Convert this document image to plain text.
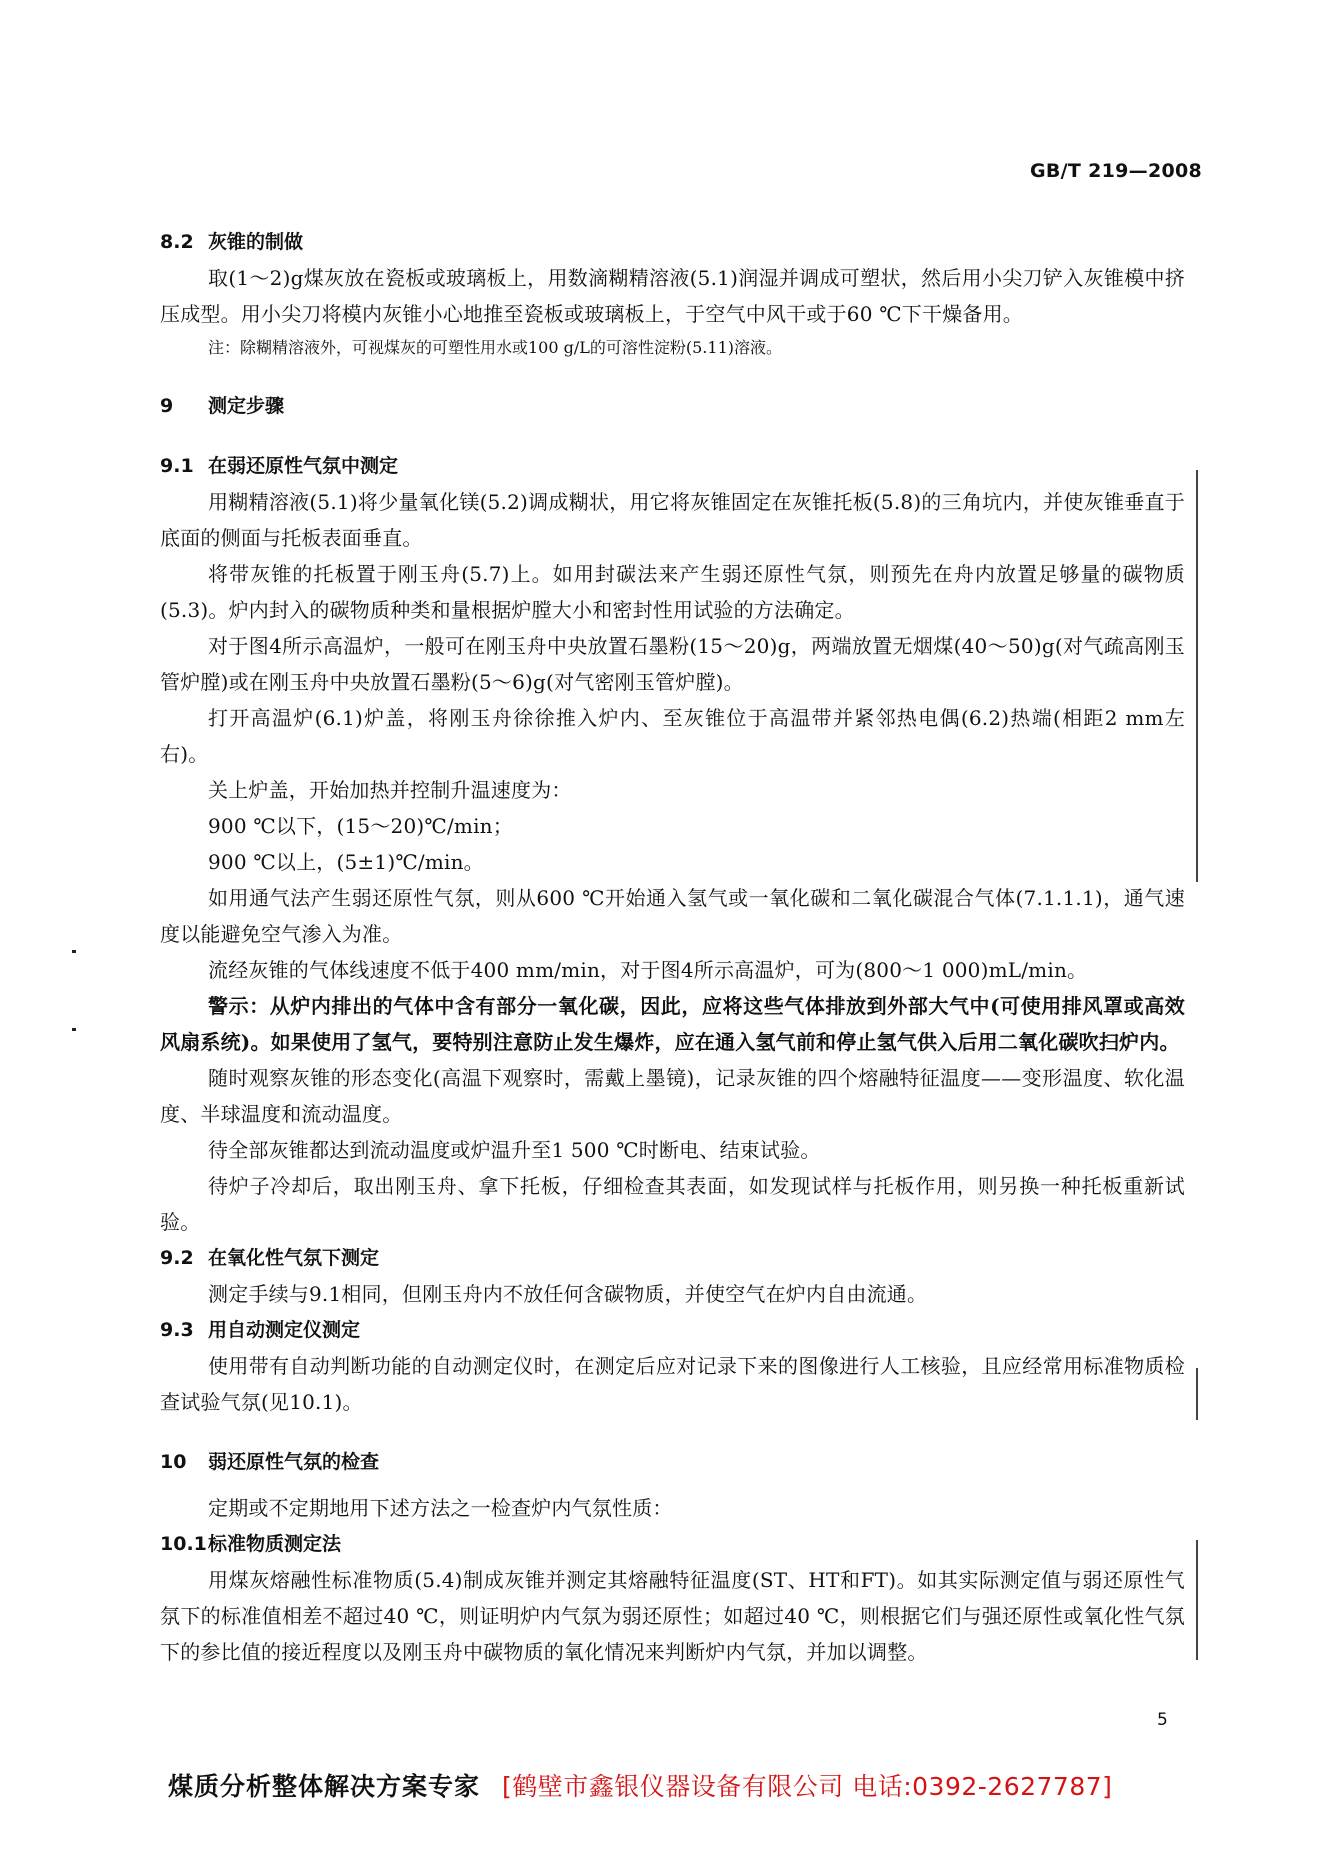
GB/T 219—2008
8.2 灰锥的制做
取(1～2)g煤灰放在瓷板或玻璃板上，用数滴糊精溶液(5.1)润湿并调成可塑状，然后用小尖刀铲入灰锥模中挤压成型。用小尖刀将模内灰锥小心地推至瓷板或玻璃板上，于空气中风干或于60 ℃下干燥备用。
注：除糊精溶液外，可视煤灰的可塑性用水或100 g/L的可溶性淀粉(5.11)溶液。
9 测定步骤
9.1 在弱还原性气氛中测定
用糊精溶液(5.1)将少量氧化镁(5.2)调成糊状，用它将灰锥固定在灰锥托板(5.8)的三角坑内，并使灰锥垂直于底面的侧面与托板表面垂直。
将带灰锥的托板置于刚玉舟(5.7)上。如用封碳法来产生弱还原性气氛，则预先在舟内放置足够量的碳物质(5.3)。炉内封入的碳物质种类和量根据炉膛大小和密封性用试验的方法确定。
对于图4所示高温炉，一般可在刚玉舟中央放置石墨粉(15～20)g，两端放置无烟煤(40～50)g(对气疏高刚玉管炉膛)或在刚玉舟中央放置石墨粉(5～6)g(对气密刚玉管炉膛)。
打开高温炉(6.1)炉盖，将刚玉舟徐徐推入炉内、至灰锥位于高温带并紧邻热电偶(6.2)热端(相距2 mm左右)。
关上炉盖，开始加热并控制升温速度为：
900 ℃以下，(15～20)℃/min；
900 ℃以上，(5±1)℃/min。
如用通气法产生弱还原性气氛，则从600 ℃开始通入氢气或一氧化碳和二氧化碳混合气体(7.1.1.1)，通气速度以能避免空气渗入为准。
流经灰锥的气体线速度不低于400 mm/min，对于图4所示高温炉，可为(800～1 000)mL/min。
警示：从炉内排出的气体中含有部分一氧化碳，因此，应将这些气体排放到外部大气中(可使用排风罩或高效风扇系统)。如果使用了氢气，要特别注意防止发生爆炸，应在通入氢气前和停止氢气供入后用二氧化碳吹扫炉内。
随时观察灰锥的形态变化(高温下观察时，需戴上墨镜)，记录灰锥的四个熔融特征温度——变形温度、软化温度、半球温度和流动温度。
待全部灰锥都达到流动温度或炉温升至1 500 ℃时断电、结束试验。
待炉子冷却后，取出刚玉舟、拿下托板，仔细检查其表面，如发现试样与托板作用，则另换一种托板重新试验。
9.2 在氧化性气氛下测定
测定手续与9.1相同，但刚玉舟内不放任何含碳物质，并使空气在炉内自由流通。
9.3 用自动测定仪测定
使用带有自动判断功能的自动测定仪时，在测定后应对记录下来的图像进行人工核验，且应经常用标准物质检查试验气氛(见10.1)。
10 弱还原性气氛的检查
定期或不定期地用下述方法之一检查炉内气氛性质：
10.1标准物质测定法
用煤灰熔融性标准物质(5.4)制成灰锥并测定其熔融特征温度(ST、HT和FT)。如其实际测定值与弱还原性气氛下的标准值相差不超过40 ℃，则证明炉内气氛为弱还原性；如超过40 ℃，则根据它们与强还原性或氧化性气氛下的参比值的接近程度以及刚玉舟中碳物质的氧化情况来判断炉内气氛，并加以调整。
5
煤质分析整体解决方案专家 [鹤壁市鑫银仪器设备有限公司 电话:0392-2627787]
